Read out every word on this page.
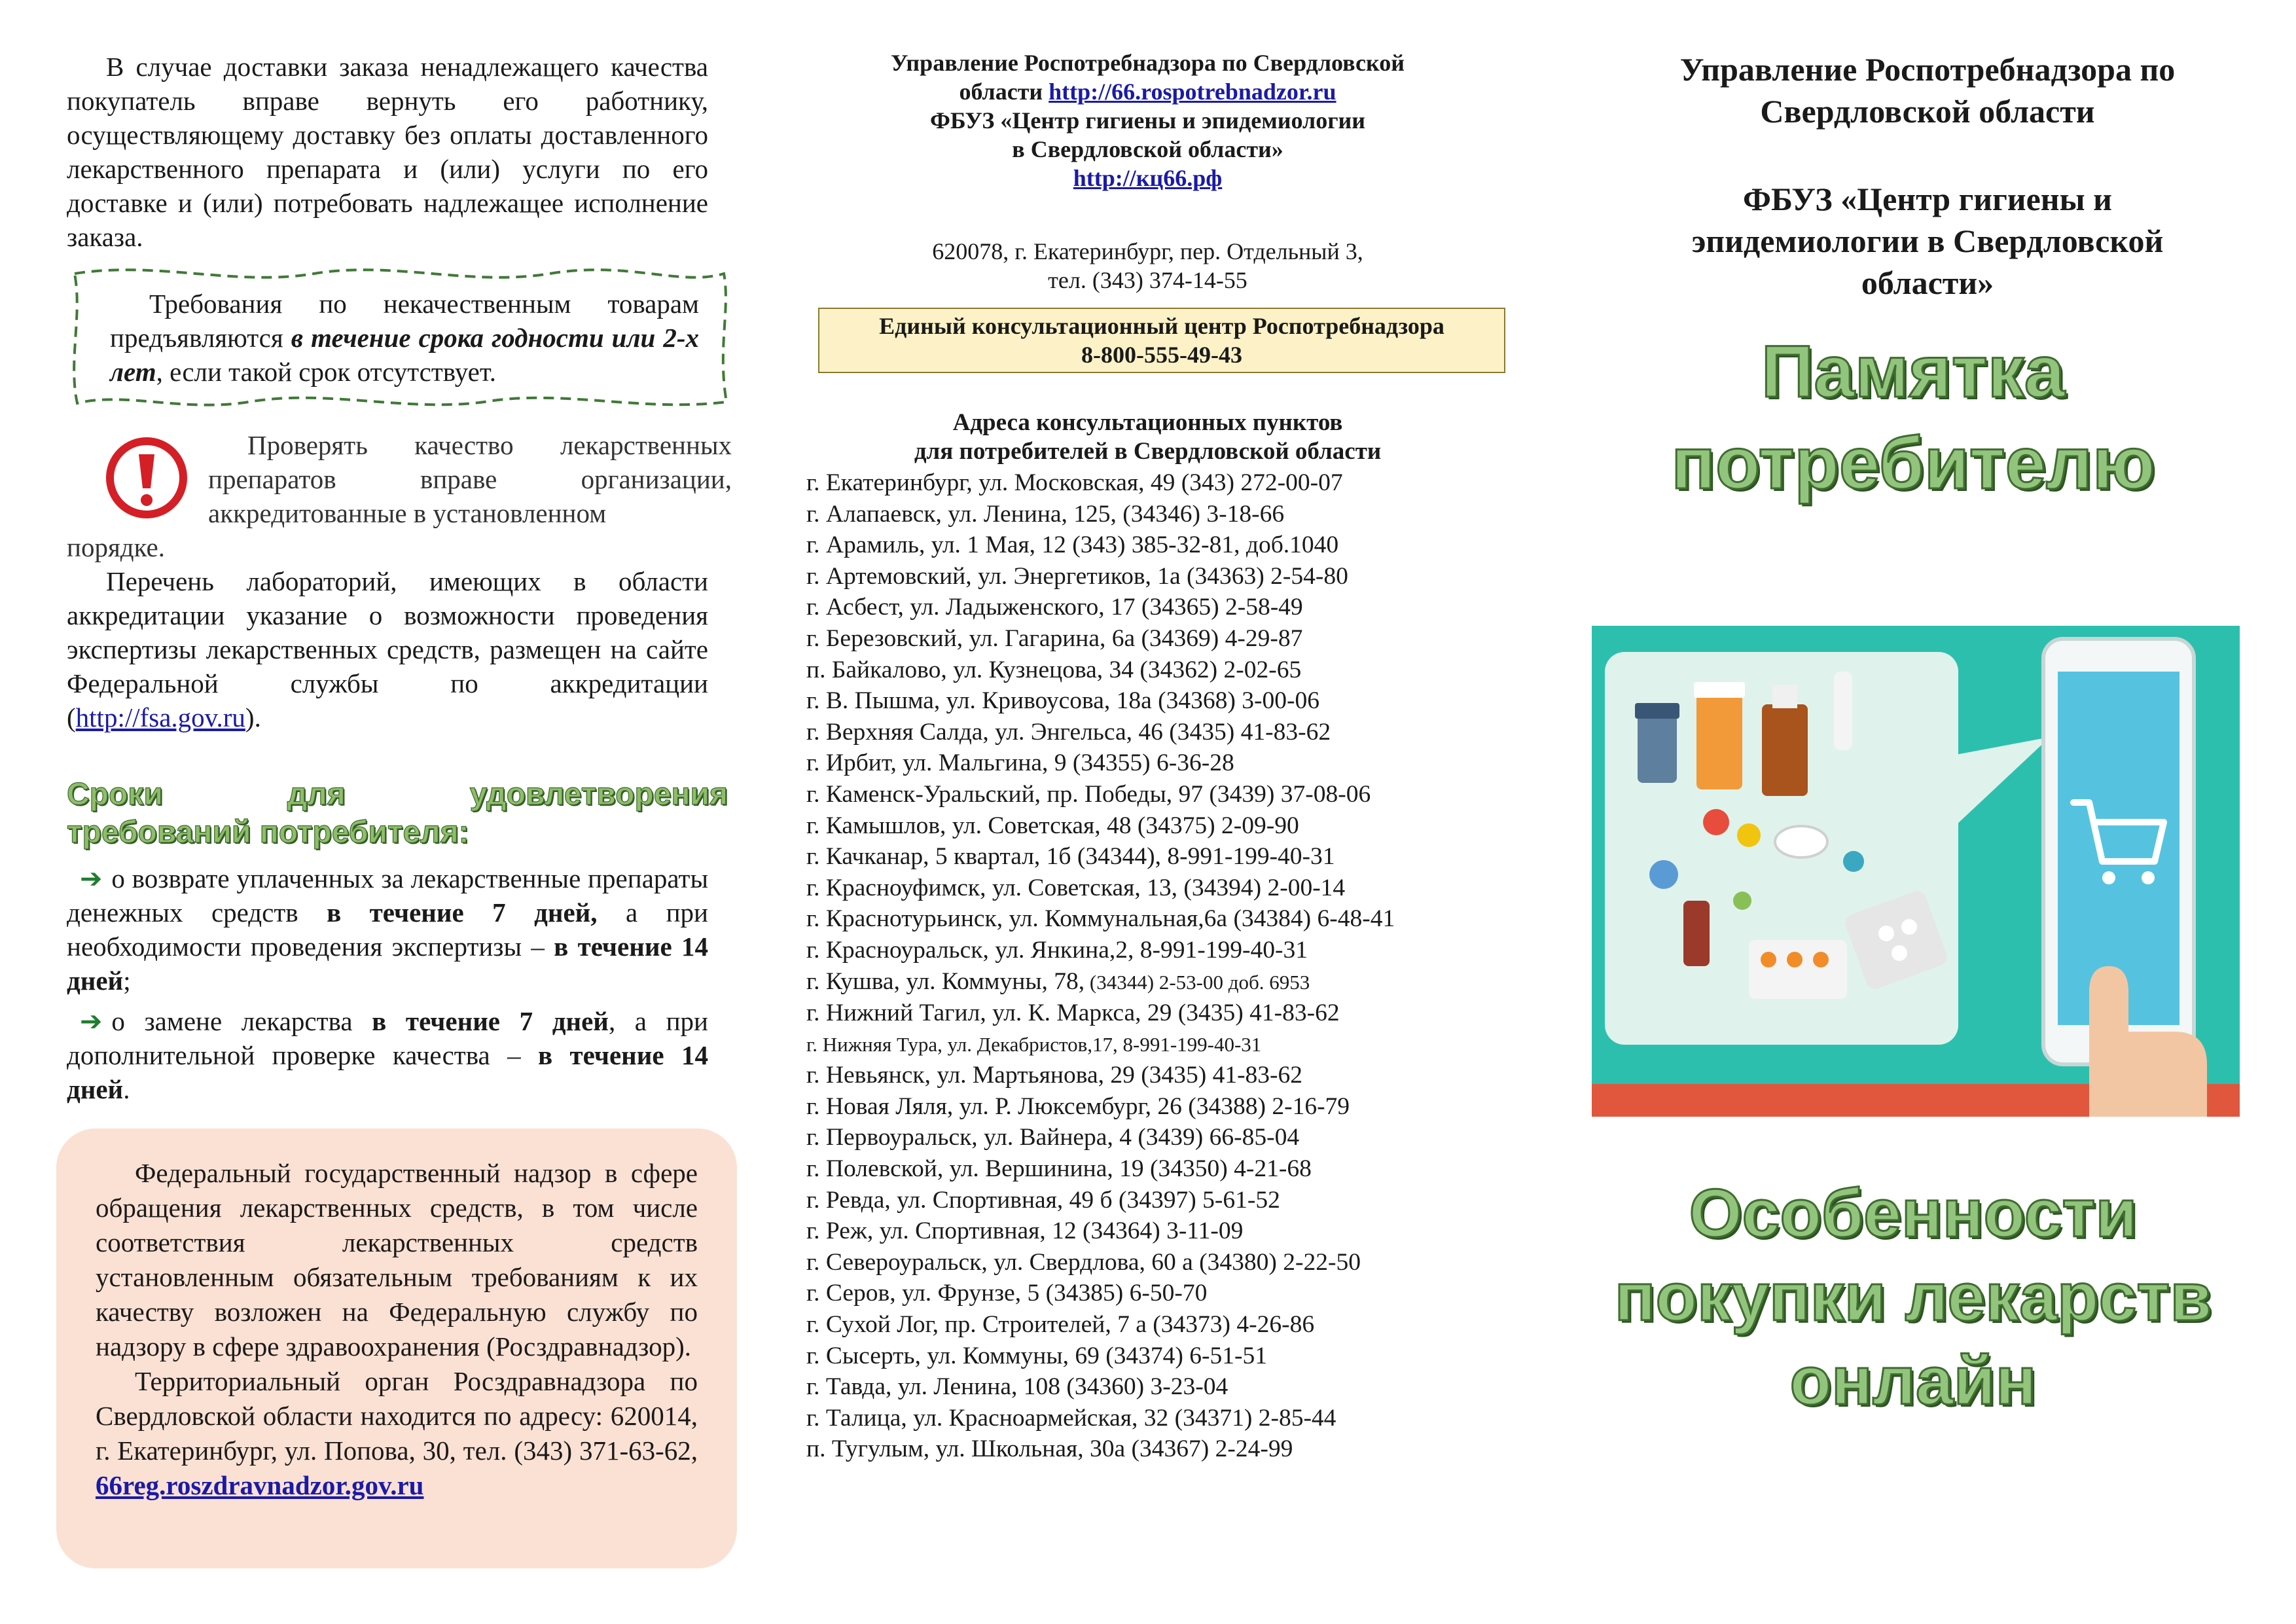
В случае доставки заказа ненадлежащего качества покупатель вправе вернуть его работнику, осуществляющему доставку без оплаты доставленного лекарственного препарата и (или) услуги по его доставке и (или) потребовать надлежащее исполнение заказа.

Требования по некачественным товарам предъявляются в течение срока годности или 2-х лет, если такой срок отсутствует.

Проверять качество лекарственных препаратов вправе организации, аккредитованные в установленном

порядке.

Перечень лабораторий, имеющих в области аккредитации указание о возможности проведения экспертизы лекарственных средств, размещен на сайте Федеральной службы по аккредитации (http://fsa.gov.ru).

Сроки для удовлетворения
требований потребителя:

➔ о возврате уплаченных за лекарственные препараты денежных средств в течение 7 дней, а при необходимости проведения экспертизы – в течение 14 дней;

➔ о замене лекарства в течение 7 дней, а при дополнительной проверке качества – в течение 14 дней.

Федеральный государственный надзор в сфере обращения лекарственных средств, в том числе соответствия лекарственных средств установленным обязательным требованиям к их качеству возложен на Федеральную службу по надзору в сфере здравоохранения (Росздравнадзор).

Территориальный орган Росздравнадзора по Свердловской области находится по адресу: 620014, г. Екатеринбург, ул. Попова, 30, тел. (343) 371-63-62, 66reg.roszdravnadzor.gov.ru

Управление Роспотребнадзора по Свердловской
области http://66.rospotrebnadzor.ru
ФБУЗ «Центр гигиены и эпидемиологии
в Свердловской области»
http://кц66.рф
620078, г. Екатеринбург, пер. Отдельный 3,
тел. (343) 374-14-55
Единый консультационный центр Роспотребнадзора
8-800-555-49-43
Адреса консультационных пунктов
для потребителей в Свердловской области
г. Екатеринбург, ул. Московская, 49 (343) 272-00-07
г. Алапаевск, ул. Ленина, 125, (34346) 3-18-66
г. Арамиль, ул. 1 Мая, 12 (343) 385-32-81, доб.1040
г. Артемовский, ул. Энергетиков, 1а (34363) 2-54-80
г. Асбест, ул. Ладыженского, 17 (34365) 2-58-49
г. Березовский, ул. Гагарина, 6а (34369) 4-29-87
п. Байкалово, ул. Кузнецова, 34 (34362) 2-02-65
г. В. Пышма, ул. Кривоусова, 18а (34368) 3-00-06
г. Верхняя Салда, ул. Энгельса, 46 (3435) 41-83-62
г. Ирбит, ул. Мальгина, 9 (34355) 6-36-28
г. Каменск-Уральский, пр. Победы, 97 (3439) 37-08-06
г. Камышлов, ул. Советская, 48 (34375) 2-09-90
г. Качканар, 5 квартал, 1б (34344), 8-991-199-40-31
г. Красноуфимск, ул. Советская, 13, (34394) 2-00-14
г. Краснотурьинск, ул. Коммунальная,6а (34384) 6-48-41
г. Красноуральск, ул. Янкина,2, 8-991-199-40-31
г. Кушва, ул. Коммуны, 78, (34344) 2-53-00 доб. 6953
г. Нижний Тагил, ул. К. Маркса, 29 (3435) 41-83-62
г. Нижняя Тура, ул. Декабристов,17, 8-991-199-40-31
г. Невьянск, ул. Мартьянова, 29 (3435) 41-83-62
г. Новая Ляля, ул. Р. Люксембург, 26 (34388) 2-16-79
г. Первоуральск, ул. Вайнера, 4 (3439) 66-85-04
г. Полевской, ул. Вершинина, 19 (34350) 4-21-68
г. Ревда, ул. Спортивная, 49 б (34397) 5-61-52
г. Реж, ул. Спортивная, 12 (34364) 3-11-09
г. Североуральск, ул. Свердлова, 60 а (34380) 2-22-50
г. Серов, ул. Фрунзе, 5 (34385) 6-50-70
г. Сухой Лог, пр. Строителей, 7 а (34373) 4-26-86
г. Сысерть, ул. Коммуны, 69 (34374) 6-51-51
г. Тавда, ул. Ленина, 108 (34360) 3-23-04
г. Талица, ул. Красноармейская, 32 (34371) 2-85-44
п. Тугулым, ул. Школьная, 30а (34367) 2-24-99
Управление Роспотребнадзора по
Свердловской области
ФБУЗ «Центр гигиены и
эпидемиологии в Свердловской
области»
Памятка
потребителю
Особенности
покупки лекарств
онлайн
